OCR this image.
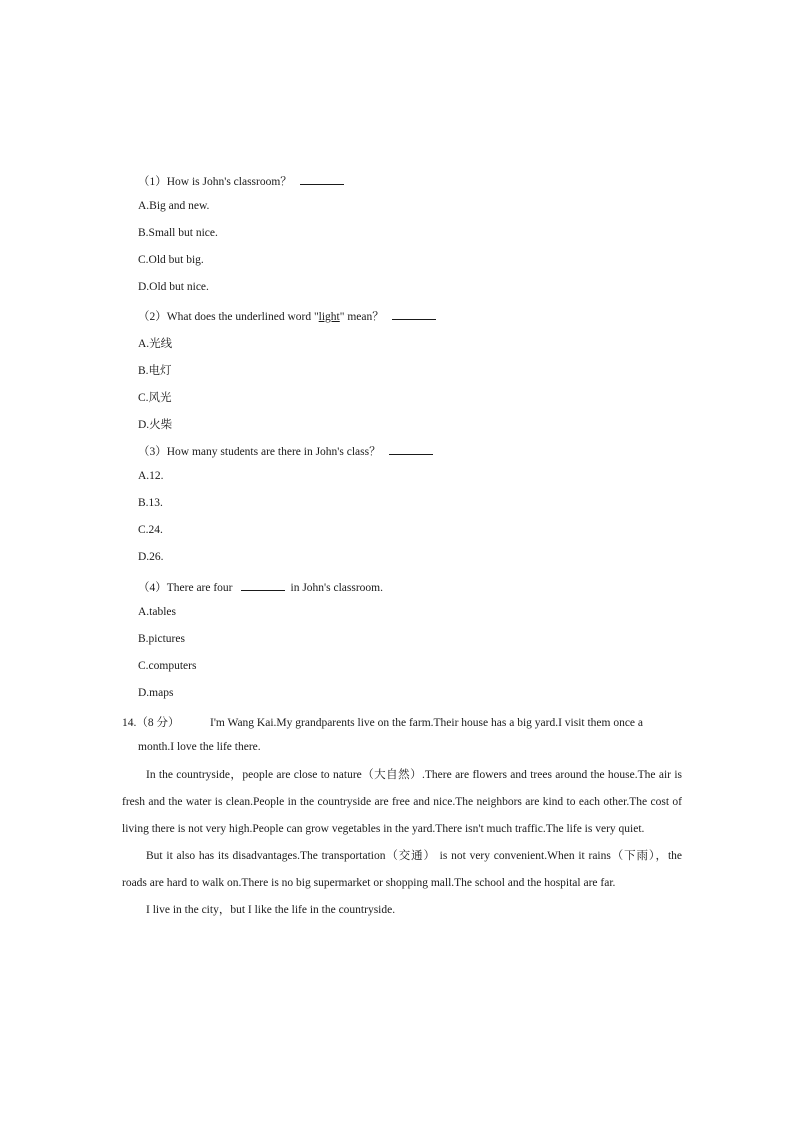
（1）How is John's classroom？
A.Big and new.
B.Small but nice.
C.Old but big.
D.Old but nice.
（2）What does the underlined word "light" mean？
A.光线
B.电灯
C.风光
D.火柴
（3）How many students are there in John's class？
A.12.
B.13.
C.24.
D.26.
（4）There are four	in John's classroom.
A.tables
B.pictures
C.computers
D.maps
14.（8 分）	I'm Wang Kai.My grandparents live on the farm.Their house has a big yard.I visit them once a
month.I love the life there.

In the countryside，people are close to nature（大自然）.There are flowers and trees around the house.The air is fresh and the water is clean.People in the countryside are free and nice.The neighbors are kind to each other.The cost of living there is not very high.People can grow vegetables in the yard.There isn't much traffic.The life is very quiet.

But it also has its disadvantages.The transportation（交通） is not very convenient.When it rains（下雨），the roads are hard to walk on.There is no big supermarket or shopping mall.The school and the hospital are far.

I live in the city，but I like the life in the countryside.
